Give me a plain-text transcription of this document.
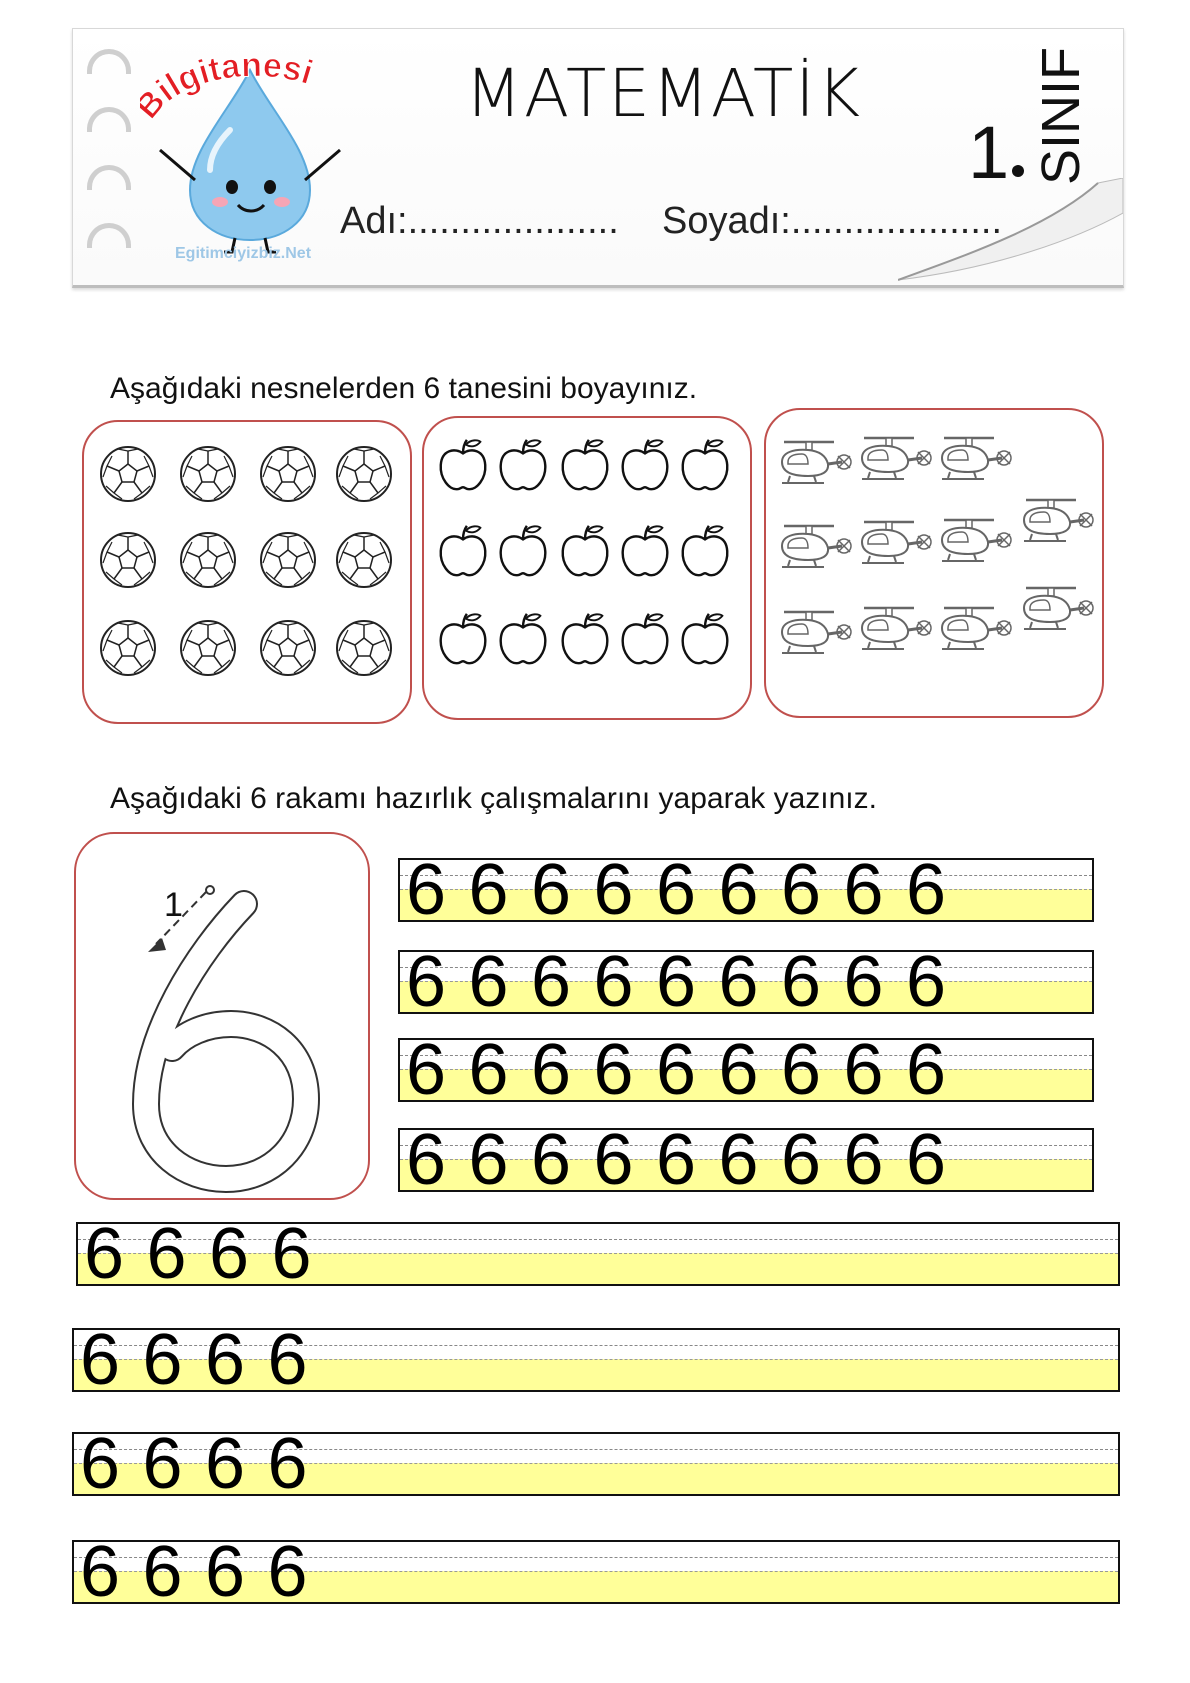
ilgitanesi
Egitimciyizbiz.Net
MATEMATİK
1 SINIF
Adı:.................... Soyadı:....................
Aşağıdaki nesnelerden 6 tanesini boyayınız.
Aşağıdaki 6 rakamı hazırlık çalışmalarını yaparak yazınız.
1	6 6 6 6 6 6 6 6 6
6 6 6 6 6 6 6 6 6
6 6 6 6 6 6 6 6 6
6 6 6 6 6 6 6 6 6
6 6 6 6
6 6 6 6
6 6 6 6
6 6 6 6
